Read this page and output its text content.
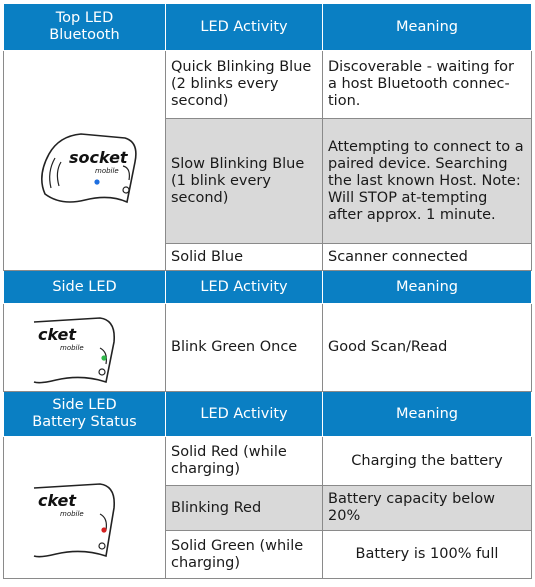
Top LED
Bluetooth	LED Activity	Meaning

socket
mobile	Quick Blinking Blue (2 blinks every second)	Discoverable - waiting for a host Bluetooth connec-tion.
	Slow Blinking Blue (1 blink every second)	Attempting to connect to a paired device. Searching the last known Host. Note: Will STOP at-tempting after approx. 1 minute.
	Solid Blue	Scanner connected
Side LED	LED Activity	Meaning

cket
mobile	Blink Green Once	Good Scan/Read
Side LED
Battery Status	LED Activity	Meaning

cket
mobile	Solid Red (while charging)	Charging the battery
	Blinking Red	Battery capacity below 20%
	Solid Green (while charging)	Battery is 100% full
